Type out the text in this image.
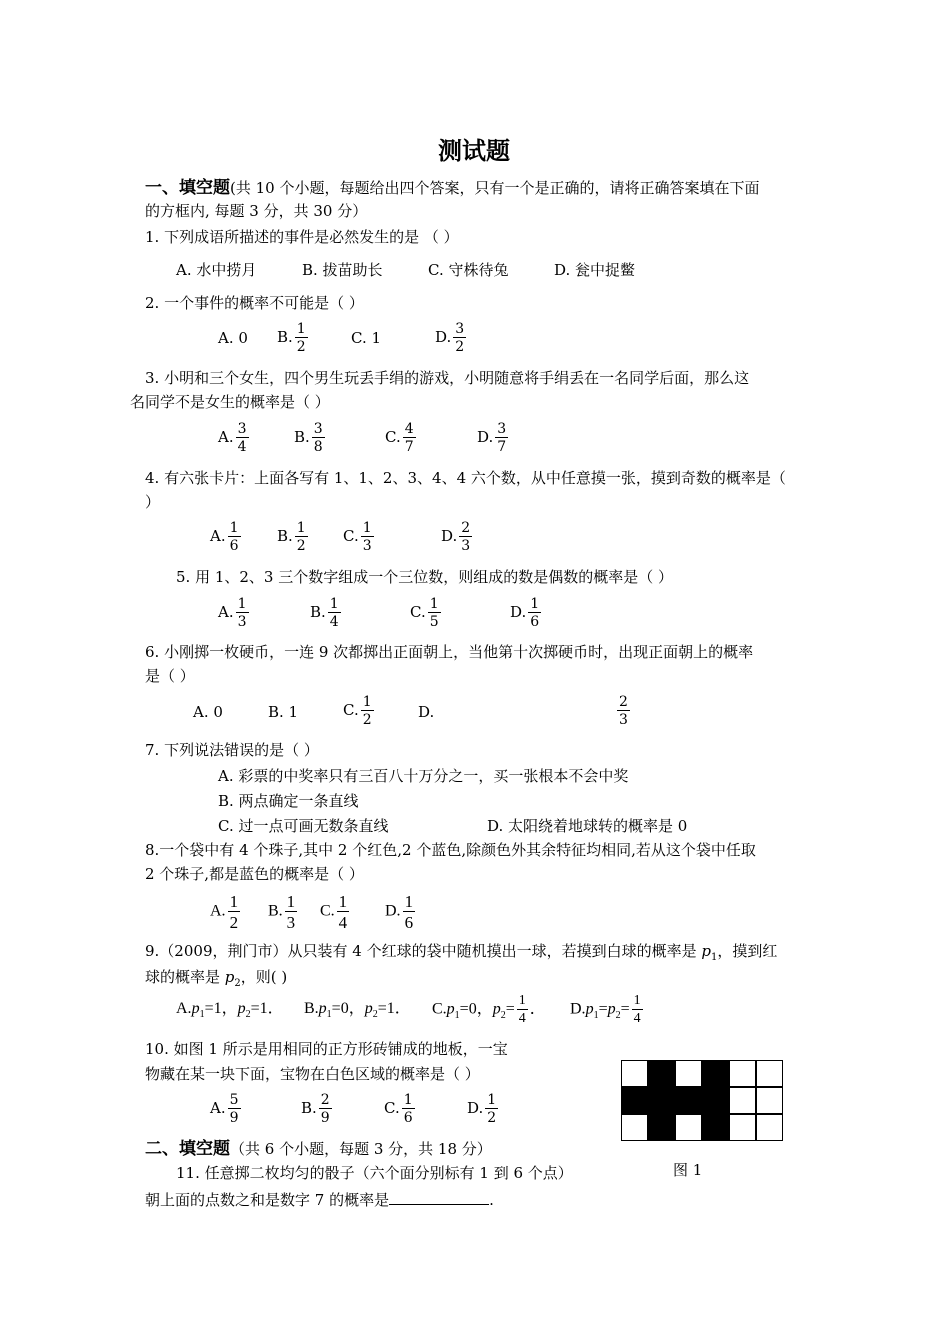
测试题
一、填空题(共 10 个小题，每题给出四个答案，只有一个是正确的，请将正确答案填在下面
的方框内, 每题 3 分，共 30 分）
1. 下列成语所描述的事件是必然发生的是 （ ）
A. 水中捞月	B. 拔苗助长	C. 守株待兔	D. 瓮中捉鳖
2. 一个事件的概率不可能是（ ）
A. 0 B. $\frac{1}{2}$	C. 1	D. $\frac{3}{2}$
3. 小明和三个女生，四个男生玩丢手绢的游戏，小明随意将手绢丢在一名同学后面，那么这
名同学不是女生的概率是（ ）
A. $\frac{3}{4}$	B. $\frac{3}{8}$	C. $\frac{4}{7}$	D. $\frac{3}{7}$
4. 有六张卡片：上面各写有 1、1、2、3、4、4 六个数，从中任意摸一张，摸到奇数的概率是（
）
A. $\frac{1}{6} B$. $\frac{1}{2} C$. $\frac{1}{3}$	D. $\frac{2}{3}$
5. 用 1、2、3 三个数字组成一个三位数，则组成的数是偶数的概率是（ ）
A. $\frac{1}{3}$	B. $\frac{1}{4}$	C. $\frac{1}{5}$	D. $\frac{1}{6}$
6. 小刚掷一枚硬币，一连 9 次都掷出正面朝上，当他第十次掷硬币时，出现正面朝上的概率
是（ ）
A. 0	B. 1	C. $\frac{1}{2}$	D.	$\frac{2}{3}$
7. 下列说法错误的是（ ）
A. 彩票的中奖率只有三百八十万分之一，买一张根本不会中奖
B. 两点确定一条直线
C. 过一点可画无数条直线	D. 太阳绕着地球转的概率是 0
8.一个袋中有 4 个珠子,其中 2 个红色,2 个蓝色,除颜色外其余特征均相同,若从这个袋中任取
2 个珠子,都是蓝色的概率是（ ）
A. $\frac{1}{2} B$. $\frac{1}{3} C$. $\frac{1}{4} D$. $\frac{1}{6}$
9.（2009，荆门市）从只装有 4 个红球的袋中随机摸出一球，若摸到白球的概率是 $p_1$，摸到红
球的概率是 $p_2$，则( )
$A.p_1=1$，$p_2=1$． $B.p_1=0$，$p_2=1$． $C.p_1=0$，$p_2= \frac{1}{4}$ ． $D.p_1=p_2= \frac{1}{4}$
10. 如图 1 所示是用相同的正方形砖铺成的地板，一宝
物藏在某一块下面，宝物在白色区域的概率是（ ）
A. $\frac{5}{9}$	B. $\frac{2}{9}$	C. $\frac{1}{6}$	D. $\frac{1}{2}$
图 1
二、填空题（共 6 个小题，每题 3 分，共 18 分）
11. 任意掷二枚均匀的骰子（六个面分别标有 1 到 6 个点）
朝上面的点数之和是数字 7 的概率是	.
